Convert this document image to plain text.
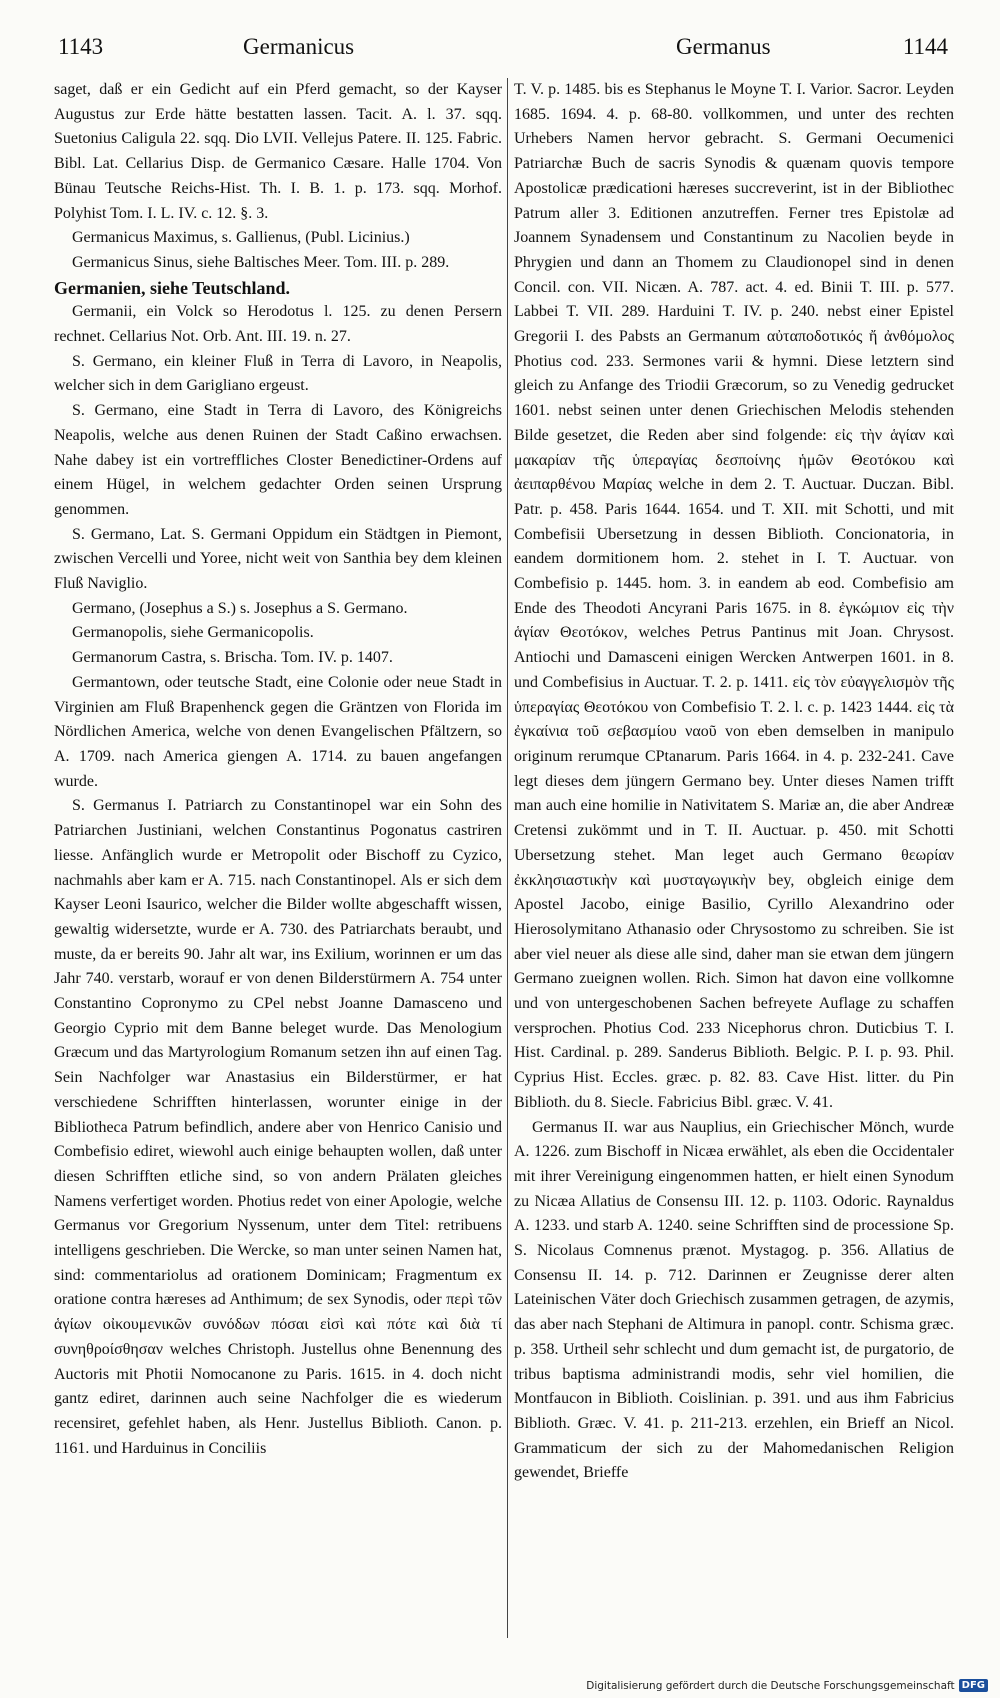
1143	Germanicus	Germanus	1144

saget, daß er ein Gedicht auf ein Pferd gemacht, so der Kayser Augustus zur Erde hätte bestatten lassen. Tacit. A. l. 37. sqq. Suetonius Caligula 22. sqq. Dio LVII. Vellejus Patere. II. 125. Fabric. Bibl. Lat. Cellarius Disp. de Germanico Cæsare. Halle 1704. Von Bünau Teutsche Reichs-Hist. Th. I. B. 1. p. 173. sqq. Morhof. Polyhist Tom. I. L. IV. c. 12. §. 3.

Germanicus Maximus, s. Gallienus, (Publ. Licinius.)

Germanicus Sinus, siehe Baltisches Meer. Tom. III. p. 289.

Germanien, siehe Teutschland.

Germanii, ein Volck so Herodotus l. 125. zu denen Persern rechnet. Cellarius Not. Orb. Ant. III. 19. n. 27.

S. Germano, ein kleiner Fluß in Terra di Lavoro, in Neapolis, welcher sich in dem Garigliano ergeust.

S. Germano, eine Stadt in Terra di Lavoro, des Königreichs Neapolis, welche aus denen Ruinen der Stadt Caßino erwachsen. Nahe dabey ist ein vortreffliches Closter Benedictiner-Ordens auf einem Hügel, in welchem gedachter Orden seinen Ursprung genommen.

S. Germano, Lat. S. Germani Oppidum ein Städtgen in Piemont, zwischen Vercelli und Yoree, nicht weit von Santhia bey dem kleinen Fluß Naviglio.

Germano, (Josephus a S.) s. Josephus a S. Germano.

Germanopolis, siehe Germanicopolis.

Germanorum Castra, s. Brischa. Tom. IV. p. 1407.

Germantown, oder teutsche Stadt, eine Colonie oder neue Stadt in Virginien am Fluß Brapenhenck gegen die Gräntzen von Florida im Nördlichen America, welche von denen Evangelischen Pfältzern, so A. 1709. nach America giengen A. 1714. zu bauen angefangen wurde.

S. Germanus I. Patriarch zu Constantinopel war ein Sohn des Patriarchen Justiniani, welchen Constantinus Pogonatus castriren liesse. Anfänglich wurde er Metropolit oder Bischoff zu Cyzico, nachmahls aber kam er A. 715. nach Constantinopel. Als er sich dem Kayser Leoni Isaurico, welcher die Bilder wollte abgeschafft wissen, gewaltig widersetzte, wurde er A. 730. des Patriarchats beraubt, und muste, da er bereits 90. Jahr alt war, ins Exilium, worinnen er um das Jahr 740. verstarb, worauf er von denen Bilderstürmern A. 754 unter Constantino Copronymo zu CPel nebst Joanne Damasceno und Georgio Cyprio mit dem Banne beleget wurde. Das Menologium Græcum und das Martyrologium Romanum setzen ihn auf einen Tag. Sein Nachfolger war Anastasius ein Bilderstürmer, er hat verschiedene Schrifften hinterlassen, worunter einige in der Bibliotheca Patrum befindlich, andere aber von Henrico Canisio und Combefisio ediret, wiewohl auch einige behaupten wollen, daß unter diesen Schrifften etliche sind, so von andern Prälaten gleiches Namens verfertiget worden. Photius redet von einer Apologie, welche Germanus vor Gregorium Nyssenum, unter dem Titel: retribuens intelligens geschrieben. Die Wercke, so man unter seinen Namen hat, sind: commentariolus ad orationem Dominicam; Fragmentum ex oratione contra hæreses ad Anthimum; de sex Synodis, oder περὶ τῶν ἁγίων οἰκουμενικῶν συνόδων πόσαι εἰσὶ καὶ πότε καὶ διὰ τί συνηθροίσθησαν welches Christoph. Justellus ohne Benennung des Auctoris mit Photii Nomocanone zu Paris. 1615. in 4. doch nicht gantz ediret, darinnen auch seine Nachfolger die es wiederum recensiret, gefehlet haben, als Henr. Justellus Biblioth. Canon. p. 1161. und Harduinus in Conciliis

T. V. p. 1485. bis es Stephanus le Moyne T. I. Varior. Sacror. Leyden 1685. 1694. 4. p. 68-80. vollkommen, und unter des rechten Urhebers Namen hervor gebracht. S. Germani Oecumenici Patriarchæ Buch de sacris Synodis & quænam quovis tempore Apostolicæ prædicationi hæreses succreverint, ist in der Bibliothec Patrum aller 3. Editionen anzutreffen. Ferner tres Epistolæ ad Joannem Synadensem und Constantinum zu Nacolien beyde in Phrygien und dann an Thomem zu Claudionopel sind in denen Concil. con. VII. Nicæn. A. 787. act. 4. ed. Binii T. III. p. 577. Labbei T. VII. 289. Harduini T. IV. p. 240. nebst einer Epistel Gregorii I. des Pabsts an Germanum αὐταποδοτικός ἤ ἀνθόμολος Photius cod. 233. Sermones varii & hymni. Diese letztern sind gleich zu Anfange des Triodii Græcorum, so zu Venedig gedrucket 1601. nebst seinen unter denen Griechischen Melodis stehenden Bilde gesetzet, die Reden aber sind folgende: εἰς τὴν ἁγίαν καὶ μακαρίαν τῆς ὑπεραγίας δεσποίνης ἡμῶν Θεοτόκου καὶ ἀειπαρθένου Μαρίας welche in dem 2. T. Auctuar. Duczan. Bibl. Patr. p. 458. Paris 1644. 1654. und T. XII. mit Schotti, und mit Combefisii Ubersetzung in dessen Biblioth. Concionatoria, in eandem dormitionem hom. 2. stehet in I. T. Auctuar. von Combefisio p. 1445. hom. 3. in eandem ab eod. Combefisio am Ende des Theodoti Ancyrani Paris 1675. in 8. ἐγκώμιον εἰς τὴν ἁγίαν Θεοτόκον, welches Petrus Pantinus mit Joan. Chrysost. Antiochi und Damasceni einigen Wercken Antwerpen 1601. in 8. und Combefisius in Auctuar. T. 2. p. 1411. εἰς τὸν εὐαγγελισμὸν τῆς ὑπεραγίας Θεοτόκου von Combefisio T. 2. l. c. p. 1423 1444. εἰς τὰ ἐγκαίνια τοῦ σεβασμίου ναοῦ von eben demselben in manipulo originum rerumque CPtanarum. Paris 1664. in 4. p. 232-241. Cave legt dieses dem jüngern Germano bey. Unter dieses Namen trifft man auch eine homilie in Nativitatem S. Mariæ an, die aber Andreæ Cretensi zukömmt und in T. II. Auctuar. p. 450. mit Schotti Ubersetzung stehet. Man leget auch Germano θεωρίαν ἐκκλησιαστικὴν καὶ μυσταγωγικὴν bey, obgleich einige dem Apostel Jacobo, einige Basilio, Cyrillo Alexandrino oder Hierosolymitano Athanasio oder Chrysostomo zu schreiben. Sie ist aber viel neuer als diese alle sind, daher man sie etwan dem jüngern Germano zueignen wollen. Rich. Simon hat davon eine vollkomne und von untergeschobenen Sachen befreyete Auflage zu schaffen versprochen. Photius Cod. 233 Nicephorus chron. Duticbius T. I. Hist. Cardinal. p. 289. Sanderus Biblioth. Belgic. P. I. p. 93. Phil. Cyprius Hist. Eccles. græc. p. 82. 83. Cave Hist. litter. du Pin Biblioth. du 8. Siecle. Fabricius Bibl. græc. V. 41.

Germanus II. war aus Nauplius, ein Griechischer Mönch, wurde A. 1226. zum Bischoff in Nicæa erwählet, als eben die Occidentaler mit ihrer Vereinigung eingenommen hatten, er hielt einen Synodum zu Nicæa Allatius de Consensu III. 12. p. 1103. Odoric. Raynaldus A. 1233. und starb A. 1240. seine Schrifften sind de processione Sp. S. Nicolaus Comnenus prænot. Mystagog. p. 356. Allatius de Consensu II. 14. p. 712. Darinnen er Zeugnisse derer alten Lateinischen Väter doch Griechisch zusammen getragen, de azymis, das aber nach Stephani de Altimura in panopl. contr. Schisma græc. p. 358. Urtheil sehr schlecht und dum gemacht ist, de purgatorio, de tribus baptisma administrandi modis, sehr viel homilien, die Montfaucon in Biblioth. Coislinian. p. 391. und aus ihm Fabricius Biblioth. Græc. V. 41. p. 211-213. erzehlen, ein Brieff an Nicol. Grammaticum der sich zu der Mahomedanischen Religion gewendet, Brieffe

Digitalisierung gefördert durch die Deutsche Forschungsgemeinschaft DFG
